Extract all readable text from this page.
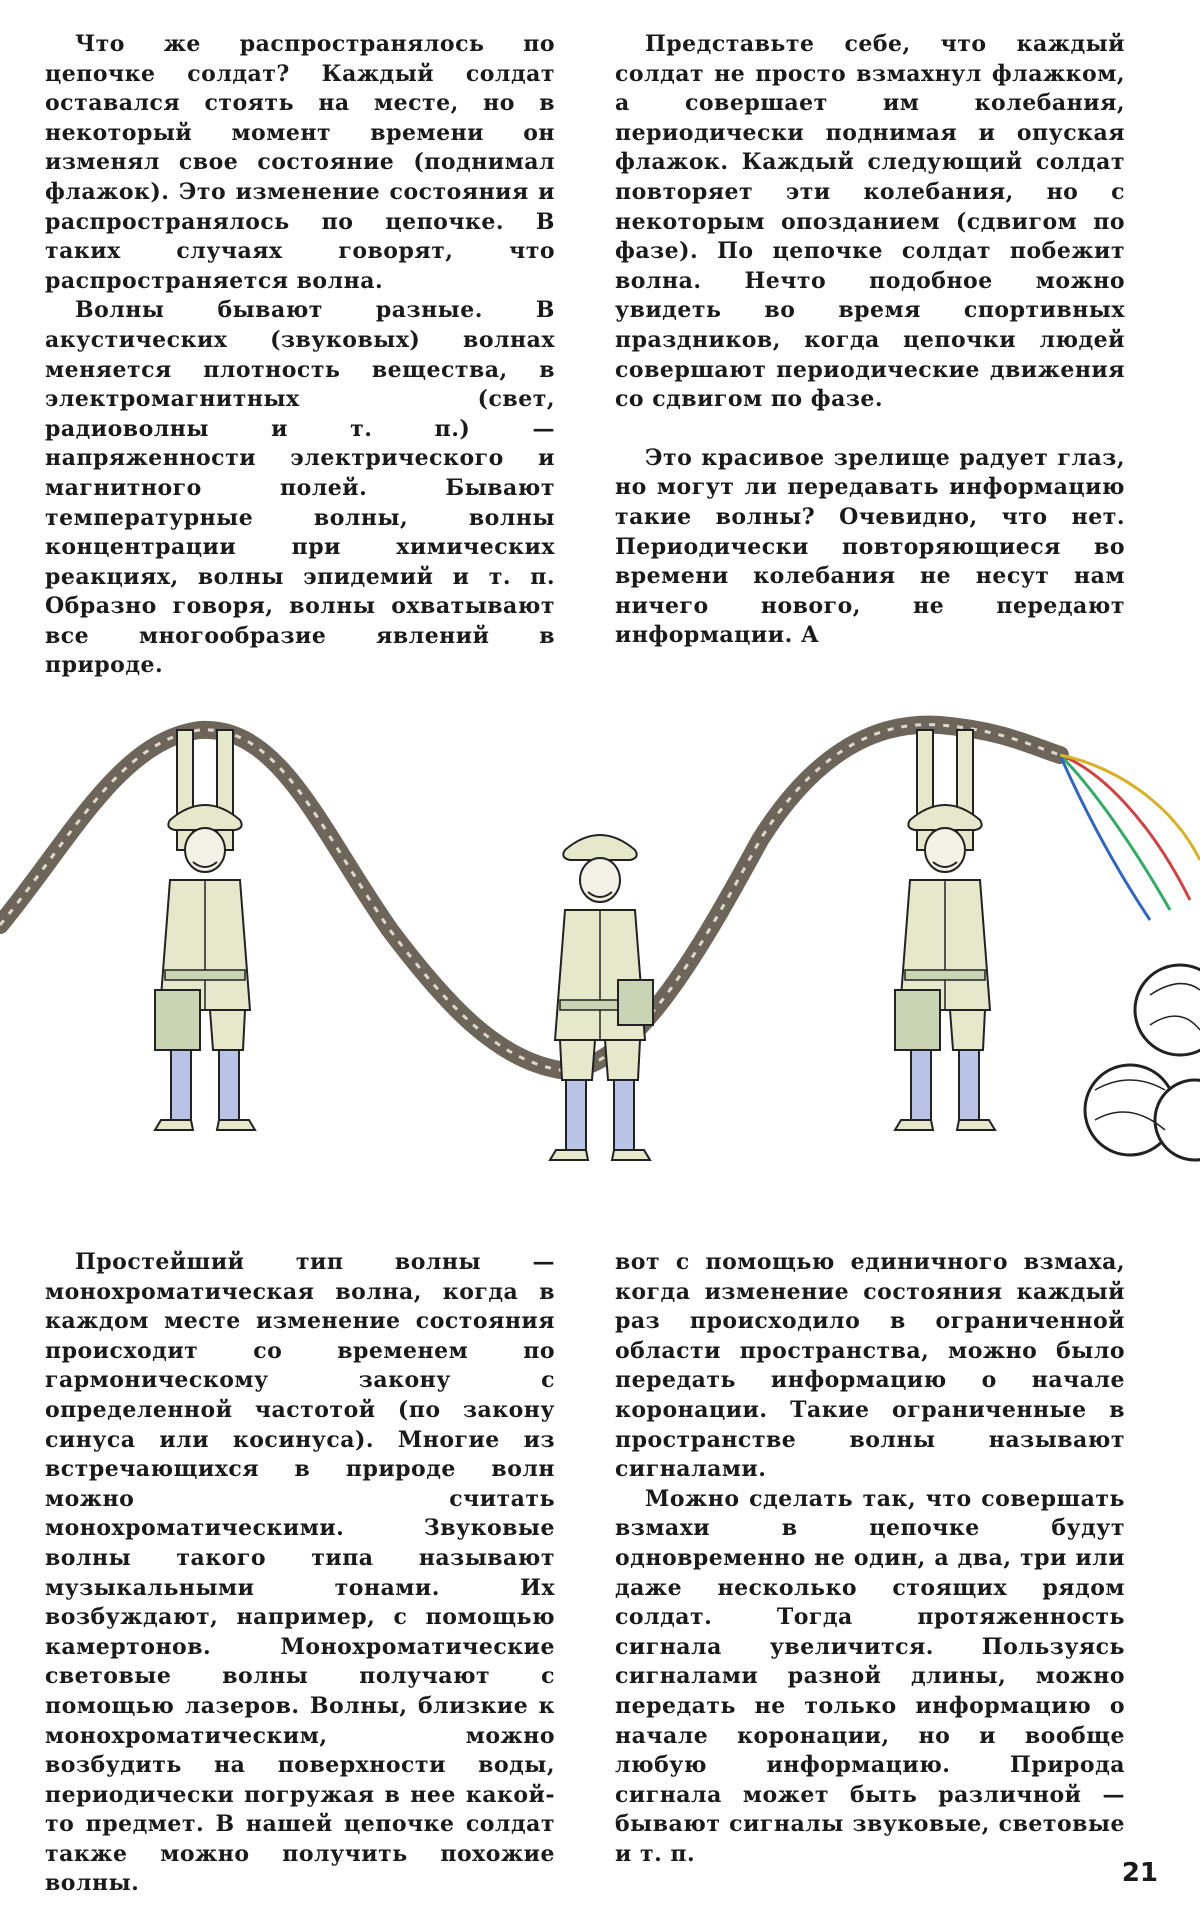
Что же распространялось по цепочке солдат? Каждый солдат оставался стоять на месте, но в некоторый момент времени он изменял свое состояние (поднимал флажок). Это изменение состояния и распространялось по цепочке. В таких случаях говорят, что распространяется волна.

Волны бывают разные. В акустических (звуковых) волнах меняется плотность вещества, в электромагнитных (свет, радиоволны и т. п.) — напряженности электрического и магнитного полей. Бывают температурные волны, волны концентрации при химических реакциях, волны эпидемий и т. п. Образно говоря, волны охватывают все многообразие явлений в природе.

Представьте себе, что каждый солдат не просто взмахнул флажком, а совершает им колебания, периодически поднимая и опуская флажок. Каждый следующий солдат повторяет эти колебания, но с некоторым опозданием (сдвигом по фазе). По цепочке солдат побежит волна. Нечто подобное можно увидеть во время спортивных праздников, когда цепочки людей совершают периодические движения со сдвигом по фазе.

Это красивое зрелище радует глаз, но могут ли передавать информацию такие волны? Очевидно, что нет. Периодически повторяющиеся во времени колебания не несут нам ничего нового, не передают информации. А

Простейший тип волны — монохроматическая волна, когда в каждом месте изменение состояния происходит со временем по гармоническому закону с определенной частотой (по закону синуса или косинуса). Многие из встречающихся в природе волн можно считать монохроматическими. Звуковые волны такого типа называют музыкальными тонами. Их возбуждают, например, с помощью камертонов. Монохроматические световые волны получают с помощью лазеров. Волны, близкие к монохроматическим, можно возбудить на поверхности воды, периодически погружая в нее какой-то предмет. В нашей цепочке солдат также можно получить похожие волны.

вот с помощью единичного взмаха, когда изменение состояния каждый раз происходило в ограниченной области пространства, можно было передать информацию о начале коронации. Такие ограниченные в пространстве волны называют сигналами.

Можно сделать так, что совершать взмахи в цепочке будут одновременно не один, а два, три или даже несколько стоящих рядом солдат. Тогда протяженность сигнала увеличится. Пользуясь сигналами разной длины, можно передать не только информацию о начале коронации, но и вообще любую информацию. Природа сигнала может быть различной — бывают сигналы звуковые, световые и т. п.

21
